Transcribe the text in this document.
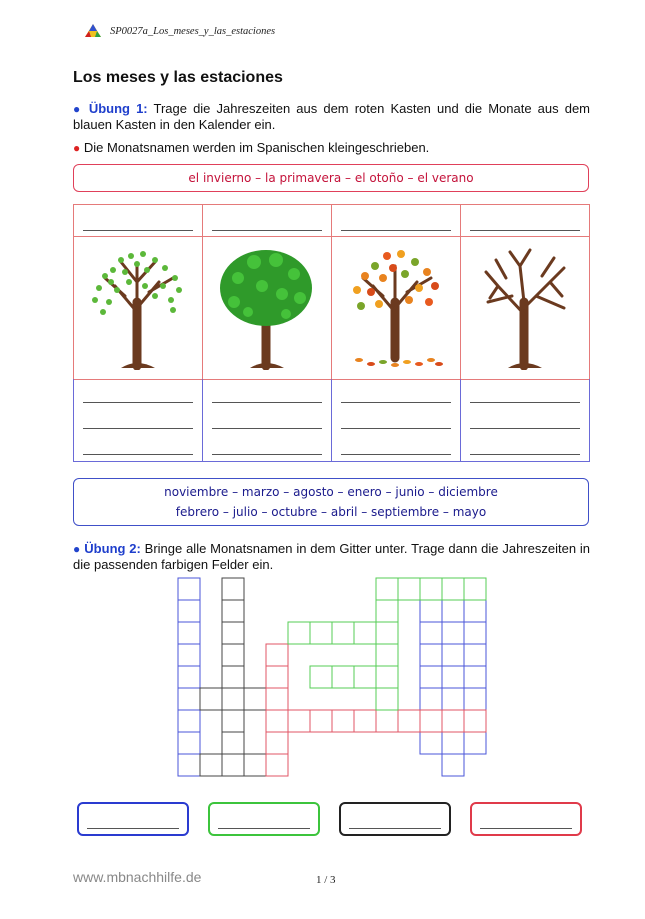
SP0027a_Los_meses_y_las_estaciones
Los meses y las estaciones
● Übung 1: Trage die Jahreszeiten aus dem roten Kasten und die Monate aus dem blauen Kasten in den Kalender ein.
● Die Monatsnamen werden im Spanischen kleingeschrieben.
el invierno – la primavera – el otoño – el verano
noviembre – marzo – agosto – enero – junio – diciembre
febrero – julio – octubre – abril – septiembre – mayo
● Übung 2: Bringe alle Monatsnamen in dem Gitter unter. Trage dann die Jahreszeiten in die passenden farbigen Felder ein.
www.mbnachhilfe.de	1 / 3
